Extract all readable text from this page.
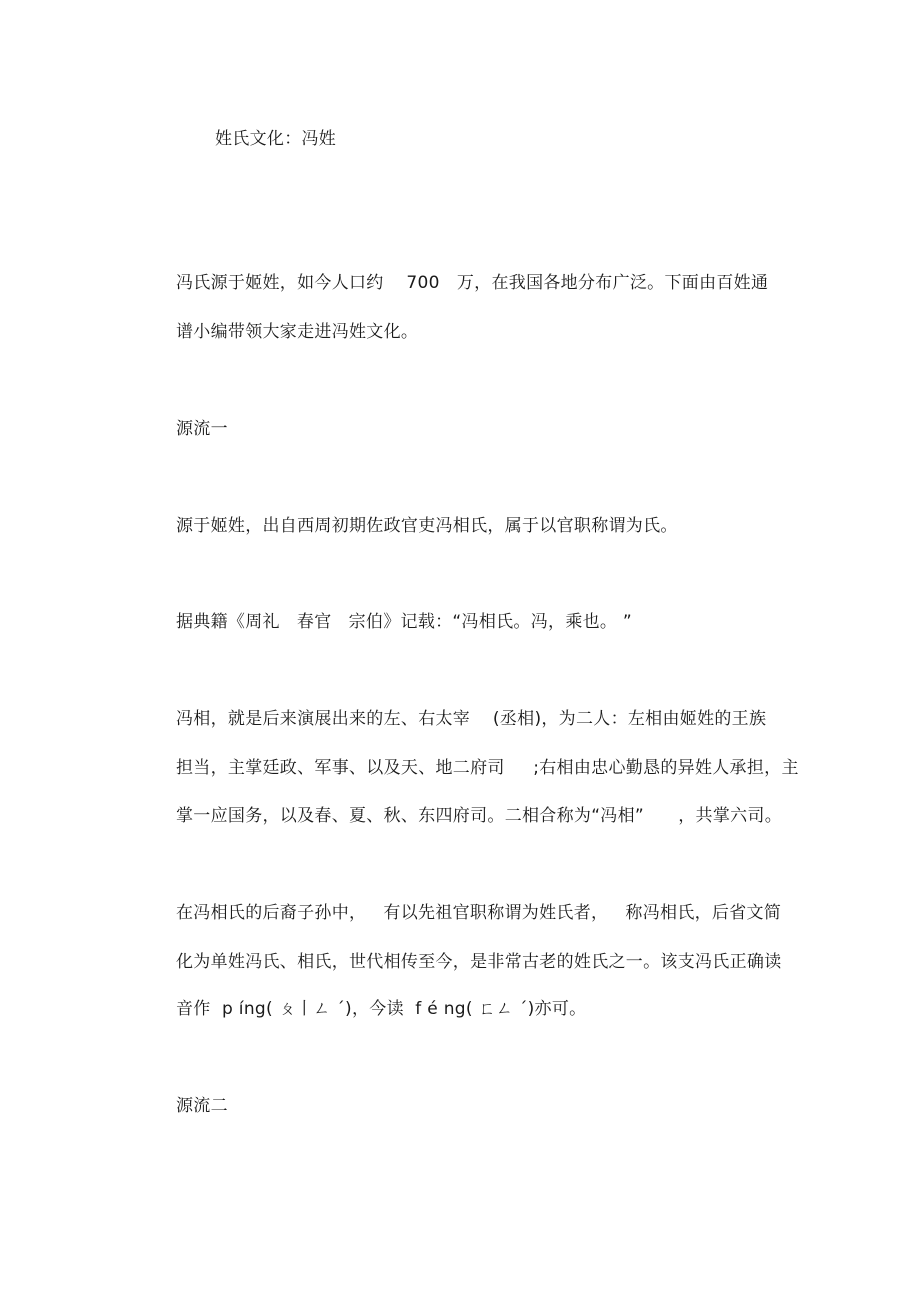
姓氏文化：冯姓
冯氏源于姬姓，如今人口约    700   万，在我国各地分布广泛。下面由百姓通
谱小编带领大家走进冯姓文化。
源流一
源于姬姓，出自西周初期佐政官吏冯相氏，属于以官职称谓为氏。
据典籍《周礼   春官   宗伯》记载：“冯相氏。冯，乘也。 ”
冯相，就是后来演展出来的左、右太宰    (丞相)，为二人：左相由姬姓的王族
担当，主掌廷政、军事、以及天、地二府司     ;右相由忠心勤恳的异姓人承担，主
掌一应国务，以及春、夏、秋、东四府司。二相合称为“冯相”      ，共掌六司。
在冯相氏的后裔子孙中，   有以先祖官职称谓为姓氏者，   称冯相氏，后省文简
化为单姓冯氏、相氏，世代相传至今，是非常古老的姓氏之一。该支冯氏正确读
音作  p íng( ㄆ丨ㄥ ˊ)，今读  f é ng( ㄈㄥ ˊ)亦可。
源流二
